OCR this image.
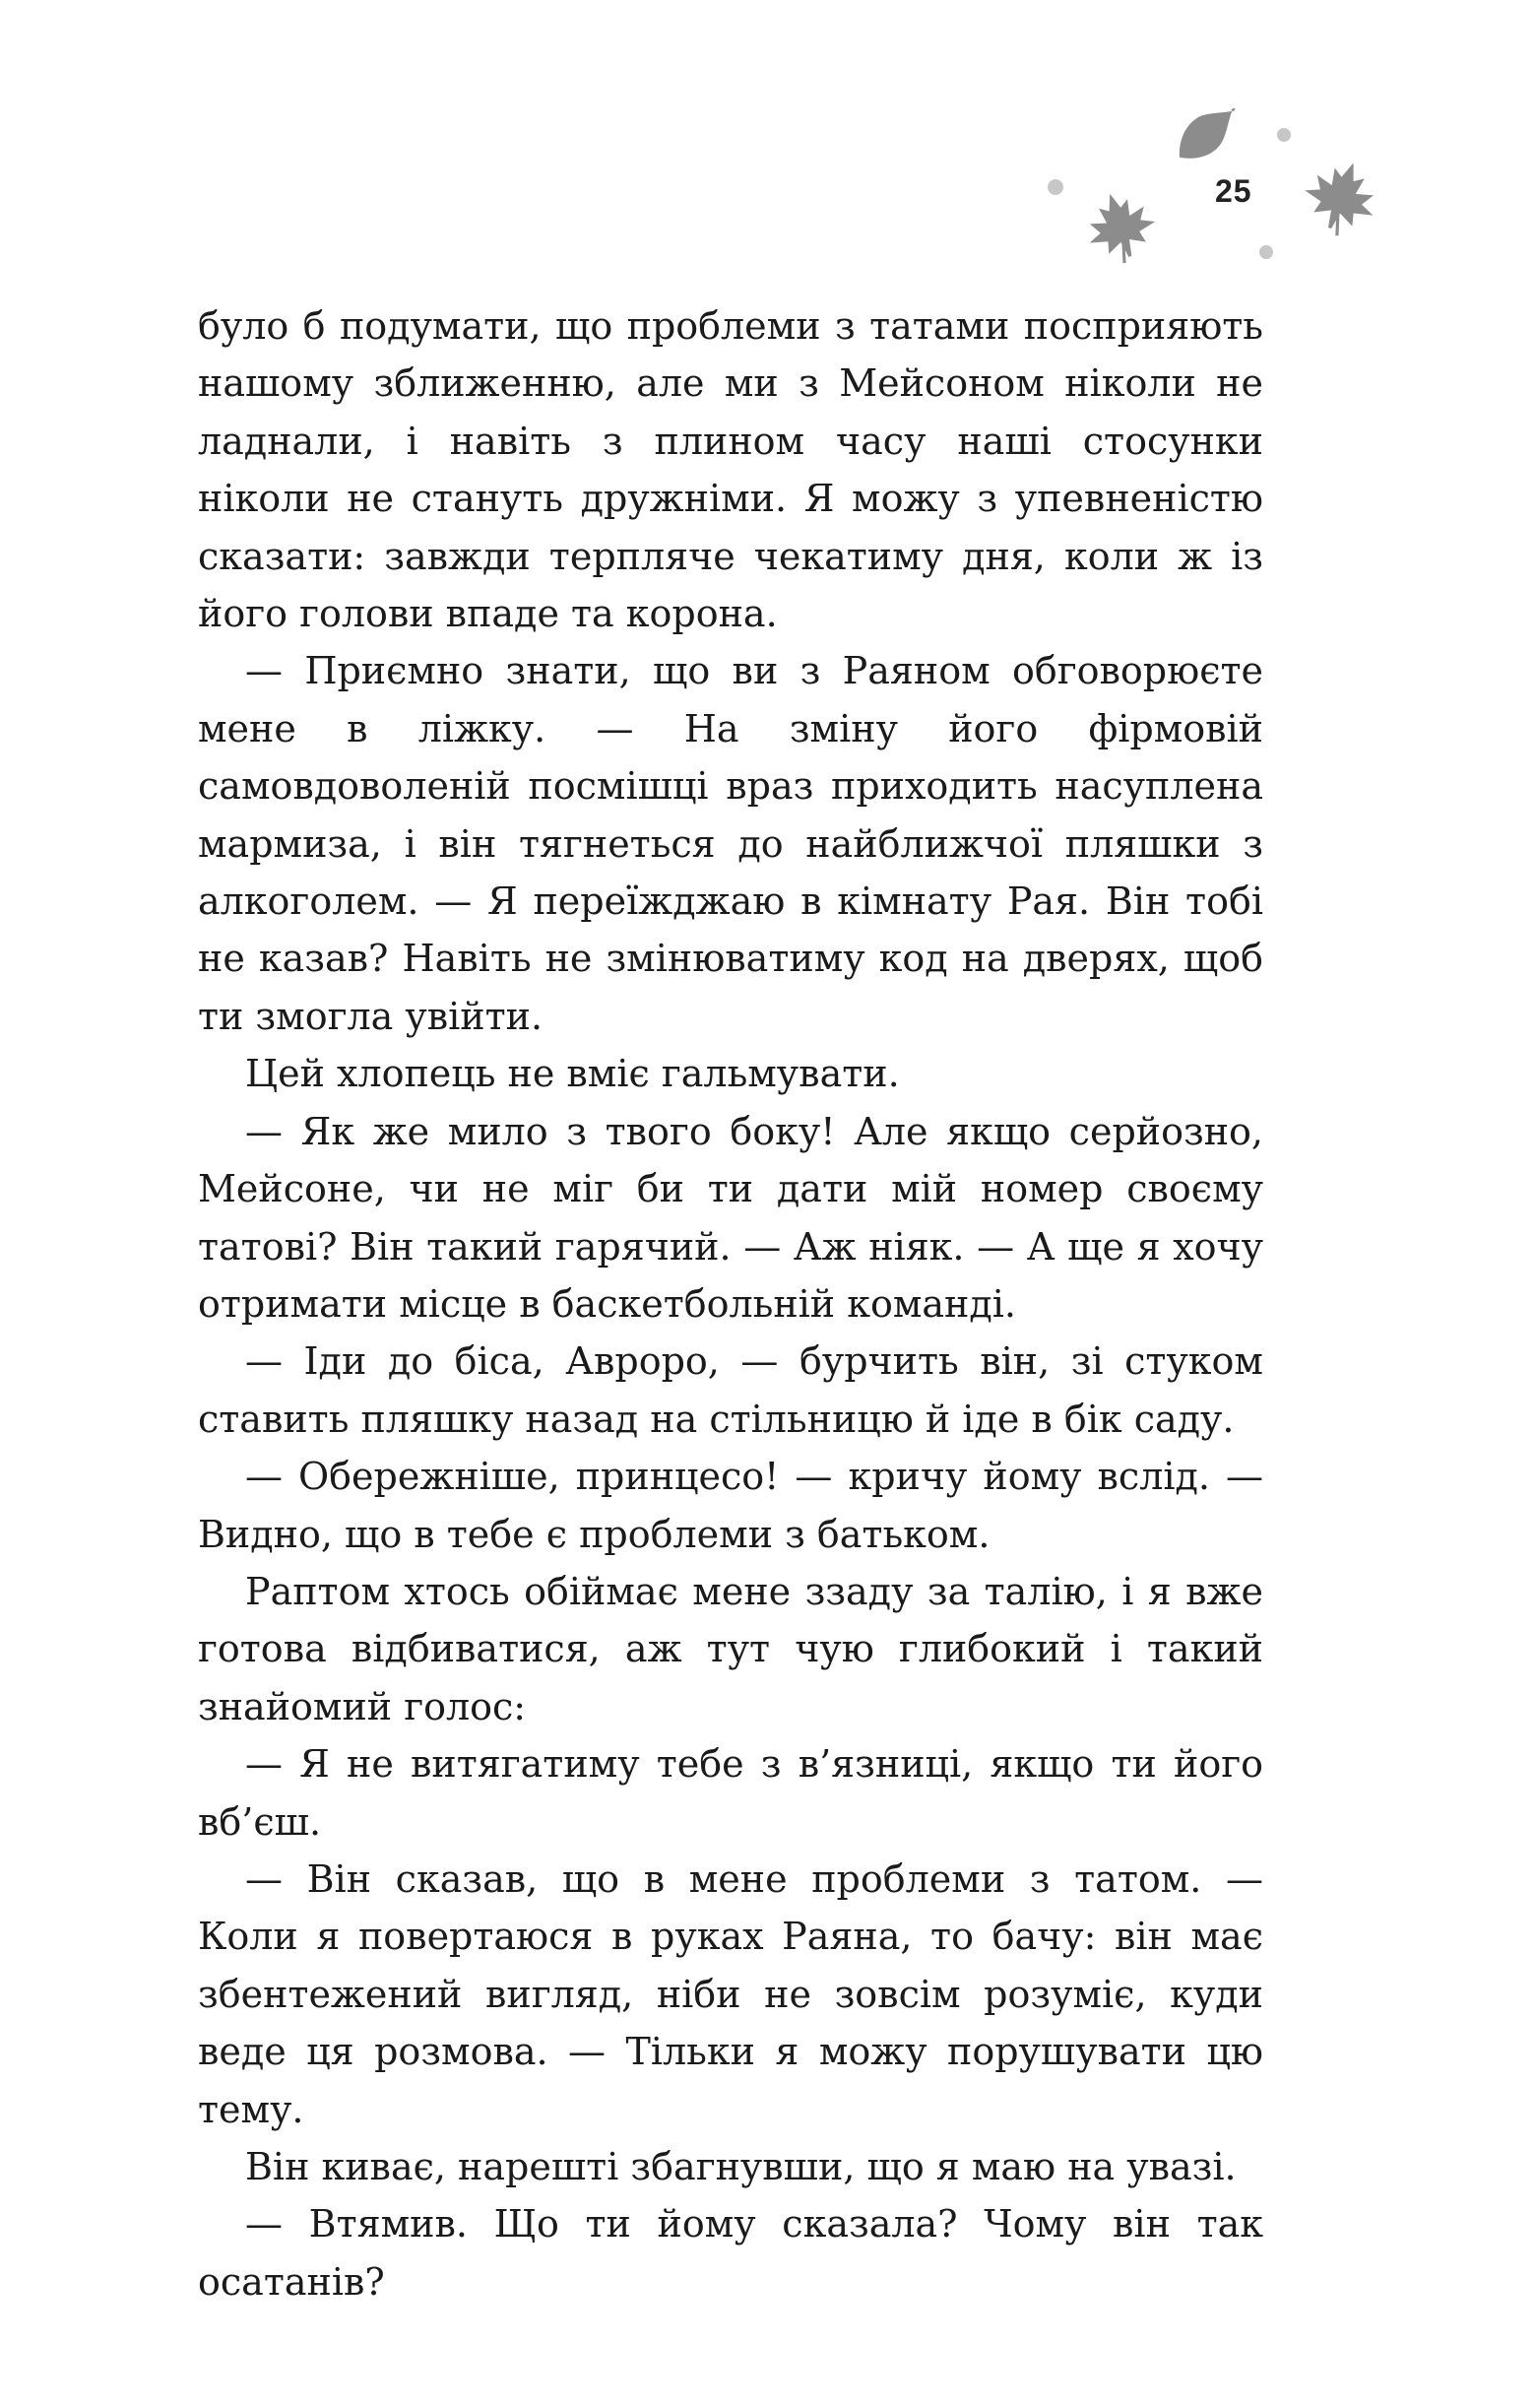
25

було б подумати, що проблеми з татами посприяють нашому зближенню, але ми з Мейсоном ніколи не ладнали, і навіть з плином часу наші стосунки ніколи не стануть дружніми. Я можу з упевненістю сказати: завжди терпляче чекатиму дня, коли ж із його голови впаде та корона.

— Приємно знати, що ви з Раяном обговорюєте мене в ліжку. — На зміну його фірмовій самовдоволеній посмішці враз приходить насуплена мармиза, і він тягнеться до найближчої пляшки з алкоголем. — Я переїжджаю в кімнату Рая. Він тобі не казав? Навіть не змінюватиму код на дверях, щоб ти змогла увійти.

Цей хлопець не вміє гальмувати.

— Як же мило з твого боку! Але якщо серйозно, Мейсоне, чи не міг би ти дати мій номер своєму татові? Він такий гарячий. — Аж ніяк. — А ще я хочу отримати місце в баскетбольній команді.

— Іди до біса, Авроро, — бурчить він, зі стуком ставить пляшку назад на стільницю й іде в бік саду.

— Обережніше, принцесо! — кричу йому вслід. — Видно, що в тебе є проблеми з батьком.

Раптом хтось обіймає мене ззаду за талію, і я вже готова відбиватися, аж тут чую глибокий і такий знайомий голос:

— Я не витягатиму тебе з в’язниці, якщо ти його вб’єш.

— Він сказав, що в мене проблеми з татом. — Коли я повертаюся в руках Раяна, то бачу: він має збентежений вигляд, ніби не зовсім розуміє, куди веде ця розмова. — Тільки я можу порушувати цю тему.

Він киває, нарешті збагнувши, що я маю на увазі.

— Втямив. Що ти йому сказала? Чому він так осатанів?
